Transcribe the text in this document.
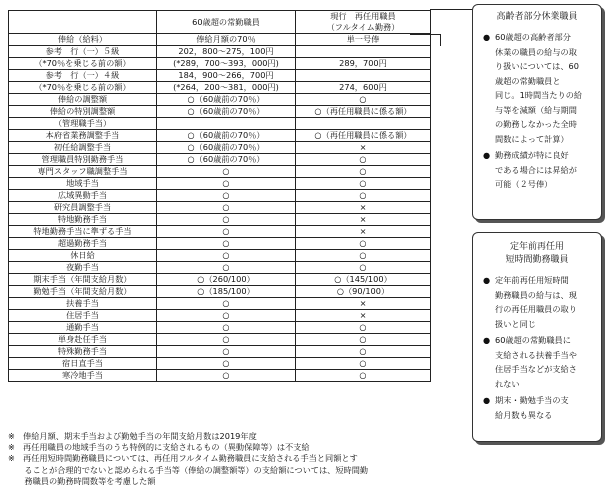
	60歳超の常勤職員	現行　再任用職員
（フルタイム勤務）
俸給（給料）	俸給月額の70％	単一号俸
参考　行（一）５級	202，800～275，100円	
（*70％を乗じる前の額）	(*289，700～393，000円)	289，700円
参考　行（一）４級	184，900～266，700円	
（*70％を乗じる前の額）	(*264，200～381，000円)	274，600円
俸給の調整額	○（60歳前の70％）	○
俸給の特別調整額	○（60歳前の70％）	○（再任用職員に係る額）
（管理職手当）		
本府省業務調整手当	○（60歳前の70％）	○（再任用職員に係る額）
初任給調整手当	○（60歳前の70％）	×
管理職員特別勤務手当	○（60歳前の70％）	○
専門スタッフ職調整手当	○	○
地域手当	○	○
広域異動手当	○	○
研究員調整手当	○	×
特地勤務手当	○	×
特地勤務手当に準ずる手当	○	×
超過勤務手当	○	○
休日給	○	○
夜勤手当	○	○
期末手当（年間支給月数）	○（260/100）	○（145/100）
勤勉手当（年間支給月数）	○（185/100）	○（90/100）
扶養手当	○	×
住居手当	○	×
通勤手当	○	○
単身赴任手当	○	○
特殊勤務手当	○	○
宿日直手当	○	○
寒冷地手当	○	○
※　俸給月額、期末手当および勤勉手当の年間支給月数は2019年度
※　再任用職員の地域手当のうち特例的に支給されるもの（異動保障等）は不支給
※　再任用短時間勤務職員については、再任用フルタイム勤務職員に支給される手当と同額とす
　　ることが合理的でないと認められる手当等（俸給の調整額等）の支給額については、短時間勤
　　務職員の勤務時間数等を考慮した額
高齢者部分休業職員
● 60歳超の高齢者部分
休業の職員の給与の取
り扱いについては、60
歳超の常勤職員と
同じ。1時間当たりの給
与等を減額（給与期間
の勤務しなかった全時
間数によって計算）
● 勤務成績が特に良好
である場合には昇給が
可能（２号俸）
定年前再任用
短時間勤務職員
● 定年前再任用短時間
勤務職員の給与は、現
行の再任用職員の取り
扱いと同じ
● 60歳超の常勤職員に
支給される扶養手当や
住居手当などが支給さ
れない
● 期末・勤勉手当の支
給月数も異なる
